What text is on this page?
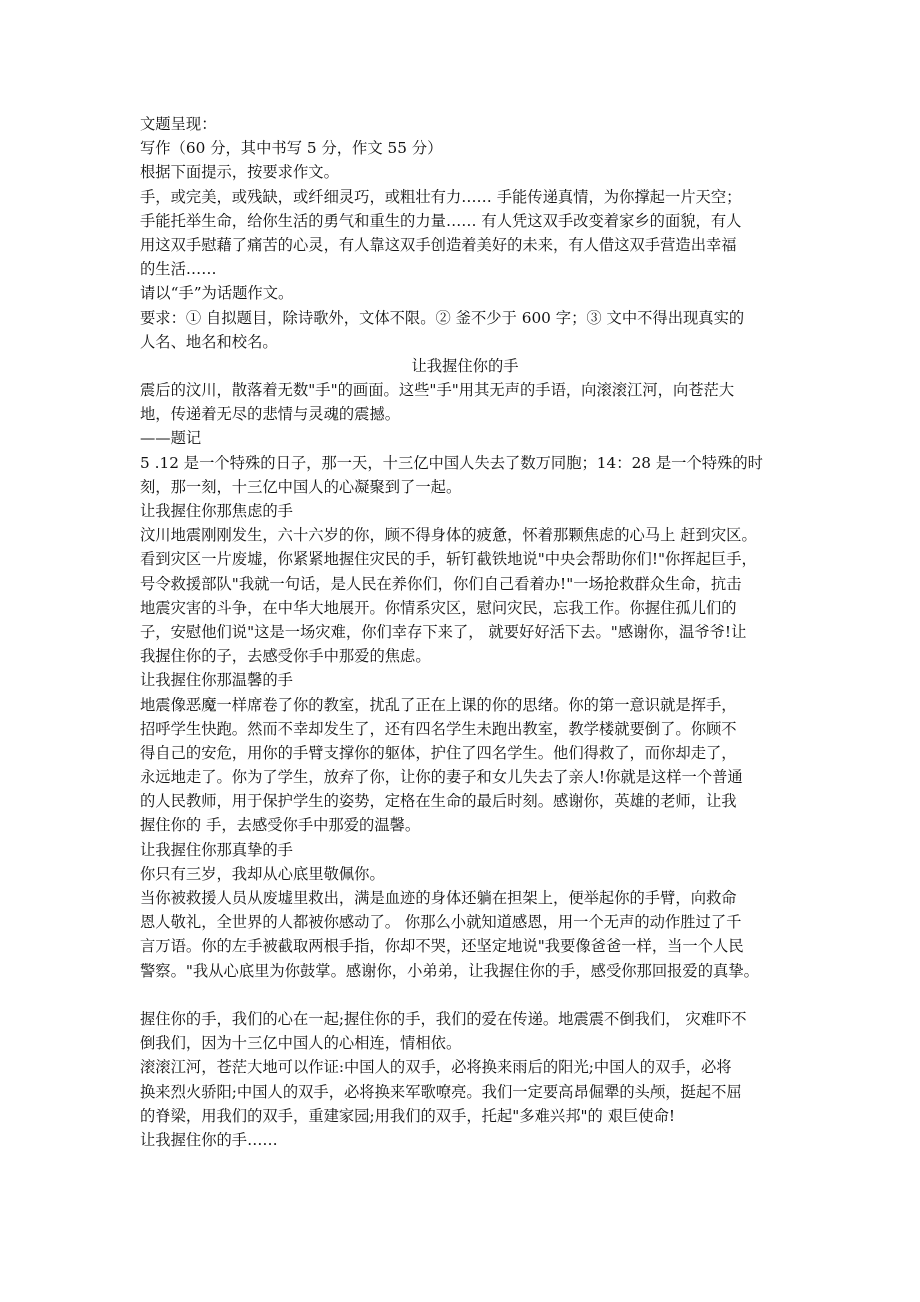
文题呈现：
写作（60 分，其中书写 5 分，作文 55 分）
根据下面提示，按要求作文。
手，或完美，或残缺，或纤细灵巧，或粗壮有力…… 手能传递真情，为你撑起一片天空；
手能托举生命，给你生活的勇气和重生的力量…… 有人凭这双手改变着家乡的面貌，有人
用这双手慰藉了痛苦的心灵，有人靠这双手创造着美好的未来，有人借这双手营造出幸福
的生活……
请以“手”为话题作文。
要求：① 自拟题目，除诗歌外，文体不限。② 釜不少于 600 字；③ 文中不得出现真实的
人名、地名和校名。
让我握住你的手
震后的汶川，散落着无数"手"的画面。这些"手"用其无声的手语，向滚滚江河，向苍茫大
地，传递着无尽的悲情与灵魂的震撼。
——题记
5 .12 是一个特殊的日子，那一天，十三亿中国人失去了数万同胞；14：28 是一个特殊的时
刻，那一刻，十三亿中国人的心凝聚到了一起。
让我握住你那焦虑的手
汶川地震刚刚发生，六十六岁的你，顾不得身体的疲惫，怀着那颗焦虑的心马上 赶到灾区。
看到灾区一片废墟，你紧紧地握住灾民的手，斩钉截铁地说"中央会帮助你们!"你挥起巨手，
号令救援部队"我就一句话，是人民在养你们，你们自己看着办!"一场抢救群众生命，抗击
地震灾害的斗争，在中华大地展开。你情系灾区，慰问灾民，忘我工作。你握住孤儿们的
子，安慰他们说"这是一场灾难，你们幸存下来了， 就要好好活下去。"感谢你，温爷爷!让
我握住你的子，去感受你手中那爱的焦虑。
让我握住你那温馨的手
地震像恶魔一样席卷了你的教室，扰乱了正在上课的你的思绪。你的第一意识就是挥手，
招呼学生快跑。然而不幸却发生了，还有四名学生未跑出教室，教学楼就要倒了。你顾不
得自己的安危，用你的手臂支撑你的躯体，护住了四名学生。他们得救了，而你却走了，
永远地走了。你为了学生，放弃了你，让你的妻子和女儿失去了亲人!你就是这样一个普通
的人民教师，用于保护学生的姿势，定格在生命的最后时刻。感谢你，英雄的老师，让我
握住你的 手，去感受你手中那爱的温馨。
让我握住你那真挚的手
你只有三岁，我却从心底里敬佩你。
当你被救援人员从废墟里救出，满是血迹的身体还躺在担架上，便举起你的手臂，向救命
恩人敬礼，全世界的人都被你感动了。 你那么小就知道感恩，用一个无声的动作胜过了千
言万语。你的左手被截取两根手指，你却不哭，还坚定地说"我要像爸爸一样，当一个人民
警察。"我从心底里为你鼓掌。感谢你，小弟弟，让我握住你的手，感受你那回报爱的真挚。
握住你的手，我们的心在一起;握住你的手，我们的爱在传递。地震震不倒我们， 灾难吓不
倒我们，因为十三亿中国人的心相连，情相依。
滚滚江河，苍茫大地可以作证:中国人的双手，必将换来雨后的阳光;中国人的双手，必将
换来烈火骄阳;中国人的双手，必将换来军歌嘹亮。我们一定要高昂倔犟的头颅，挺起不屈
的脊梁，用我们的双手，重建家园;用我们的双手，托起"多难兴邦"的 艰巨使命!
让我握住你的手……
